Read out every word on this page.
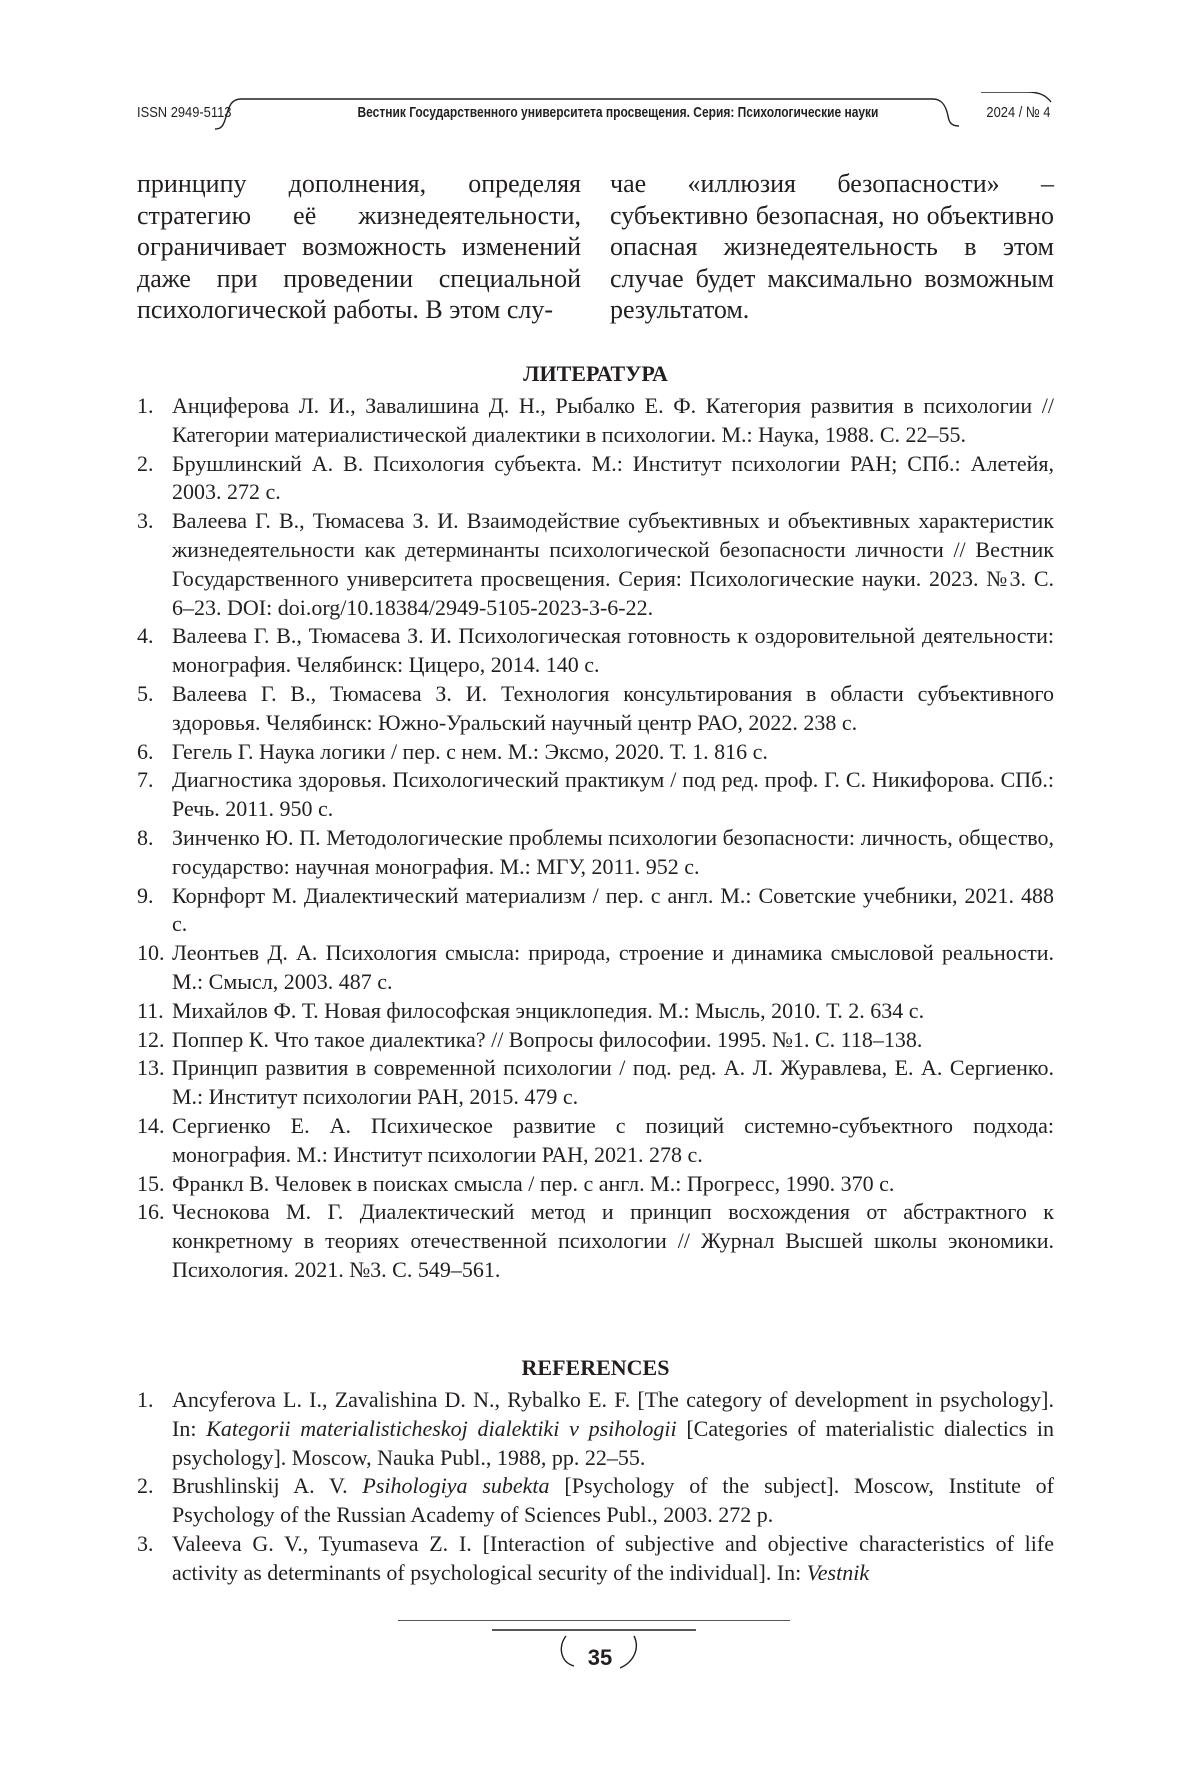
ISSN 2949-5113	Вестник Государственного университета просвещения. Серия: Психологические науки	2024 / № 4

принципу дополнения, определяя стратегию её жизнедеятельности, ограничивает возможность изменений даже при проведении специальной психологической работы. В этом слу-

чае «иллюзия безопасности» – субъективно безопасная, но объективно опасная жизнедеятельность в этом случае будет максимально возможным результатом.

ЛИТЕРАТУРА
1. Анциферова Л. И., Завалишина Д. Н., Рыбалко Е. Ф. Категория развития в психологии // Категории материалистической диалектики в психологии. М.: Наука, 1988. С. 22–55.
2. Брушлинский А. В. Психология субъекта. М.: Институт психологии РАН; СПб.: Алетейя, 2003. 272 с.
3. Валеева Г. В., Тюмасева З. И. Взаимодействие субъективных и объективных характеристик жизнедеятельности как детерминанты психологической безопасности личности // Вестник Государственного университета просвещения. Серия: Психологические науки. 2023. №3. С. 6–23. DOI: doi.org/10.18384/2949-5105-2023-3-6-22.
4. Валеева Г. В., Тюмасева З. И. Психологическая готовность к оздоровительной деятельности: монография. Челябинск: Цицеро, 2014. 140 с.
5. Валеева Г. В., Тюмасева З. И. Технология консультирования в области субъективного здоровья. Челябинск: Южно-Уральский научный центр РАО, 2022. 238 с.
6. Гегель Г. Наука логики / пер. с нем. М.: Эксмо, 2020. Т. 1. 816 с.
7. Диагностика здоровья. Психологический практикум / под ред. проф. Г. С. Никифорова. СПб.: Речь. 2011. 950 с.
8. Зинченко Ю. П. Методологические проблемы психологии безопасности: личность, общество, государство: научная монография. М.: МГУ, 2011. 952 с.
9. Корнфорт М. Диалектический материализм / пер. с англ. М.: Советские учебники, 2021. 488 с.
10. Леонтьев Д. А. Психология смысла: природа, строение и динамика смысловой реальности. М.: Смысл, 2003. 487 с.
11. Михайлов Ф. Т. Новая философская энциклопедия. М.: Мысль, 2010. Т. 2. 634 с.
12. Поппер К. Что такое диалектика? // Вопросы философии. 1995. №1. С. 118–138.
13. Принцип развития в современной психологии / под. ред. А. Л. Журавлева, Е. А. Сергиенко. М.: Институт психологии РАН, 2015. 479 с.
14. Сергиенко Е. А. Психическое развитие с позиций системно-субъектного подхода: монография. М.: Институт психологии РАН, 2021. 278 с.
15. Франкл В. Человек в поисках смысла / пер. с англ. М.: Прогресс, 1990. 370 с.
16. Чеснокова М. Г. Диалектический метод и принцип восхождения от абстрактного к конкретному в теориях отечественной психологии // Журнал Высшей школы экономики. Психология. 2021. №3. С. 549–561.
REFERENCES
1. Ancyferova L. I., Zavalishina D. N., Rybalko E. F. [The category of development in psychology]. In: Kategorii materialisticheskoj dialektiki v psihologii [Categories of materialistic dialectics in psychology]. Moscow, Nauka Publ., 1988, pp. 22–55.
2. Brushlinskij A. V. Psihologiya subekta [Psychology of the subject]. Moscow, Institute of Psychology of the Russian Academy of Sciences Publ., 2003. 272 p.
3. Valeeva G. V., Tyumaseva Z. I. [Interaction of subjective and objective characteristics of life activity as determinants of psychological security of the individual]. In: Vestnik
35
